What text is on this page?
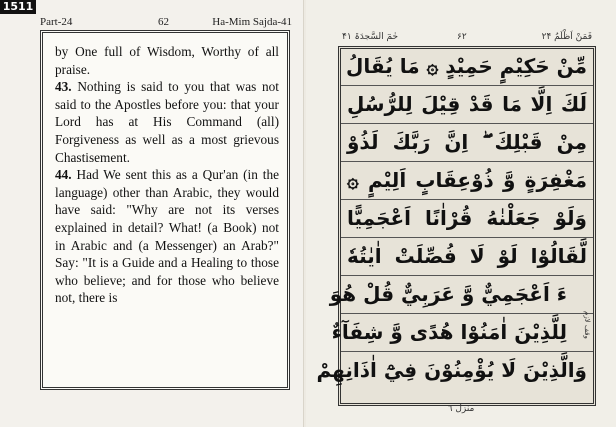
1511
Part-24	62	Ha-Mim Sajda-41

by One full of Wisdom, Worthy of all praise.

43. Nothing is said to you that was not said to the Apostles before you: that your Lord has at His Command (all) Forgiveness as well as a most grievous Chastisement.

44. Had We sent this as a Qur'an (in the language) other than Arabic, they would have said: "Why are not its verses explained in detail? What! (a Book) not in Arabic and (a Messenger) an Arab?" Say: "It is a Guide and a Healing to those who believe; and for those who believe not, there is

حٰمٓ السَّجدَۃ ۴۱	۶۲	فَمَنْ اَظْلَمُ ۲۴
مِّنْ حَكِيْمٍ حَمِيْدٍ ۞ مَا يُقَالُ
لَكَ اِلَّا مَا قَدْ قِيْلَ لِلرُّسُلِ
مِنْ قَبْلِكَ ۖ اِنَّ رَبَّكَ لَذُوْ
مَغْفِرَةٍ وَّ ذُوْعِقَابٍ اَلِيْمٍ ۞
وَلَوْ جَعَلْنٰهُ قُرْاٰنًا اَعْجَمِيًّا
لَّقَالُوْا لَوْ لَا فُصِّلَتْ اٰيٰتُهٗ
ءَ اَعْجَمِيٌّ وَّ عَرَبِيٌّ قُلْ هُوَ
لِلَّذِيْنَ اٰمَنُوْا هُدًى وَّ شِفَآءٌ
وَالَّذِيْنَ لَا يُؤْمِنُوْنَ فِيْٓ اٰذَانِهِمْ
وقف لازم
منزل ٦
